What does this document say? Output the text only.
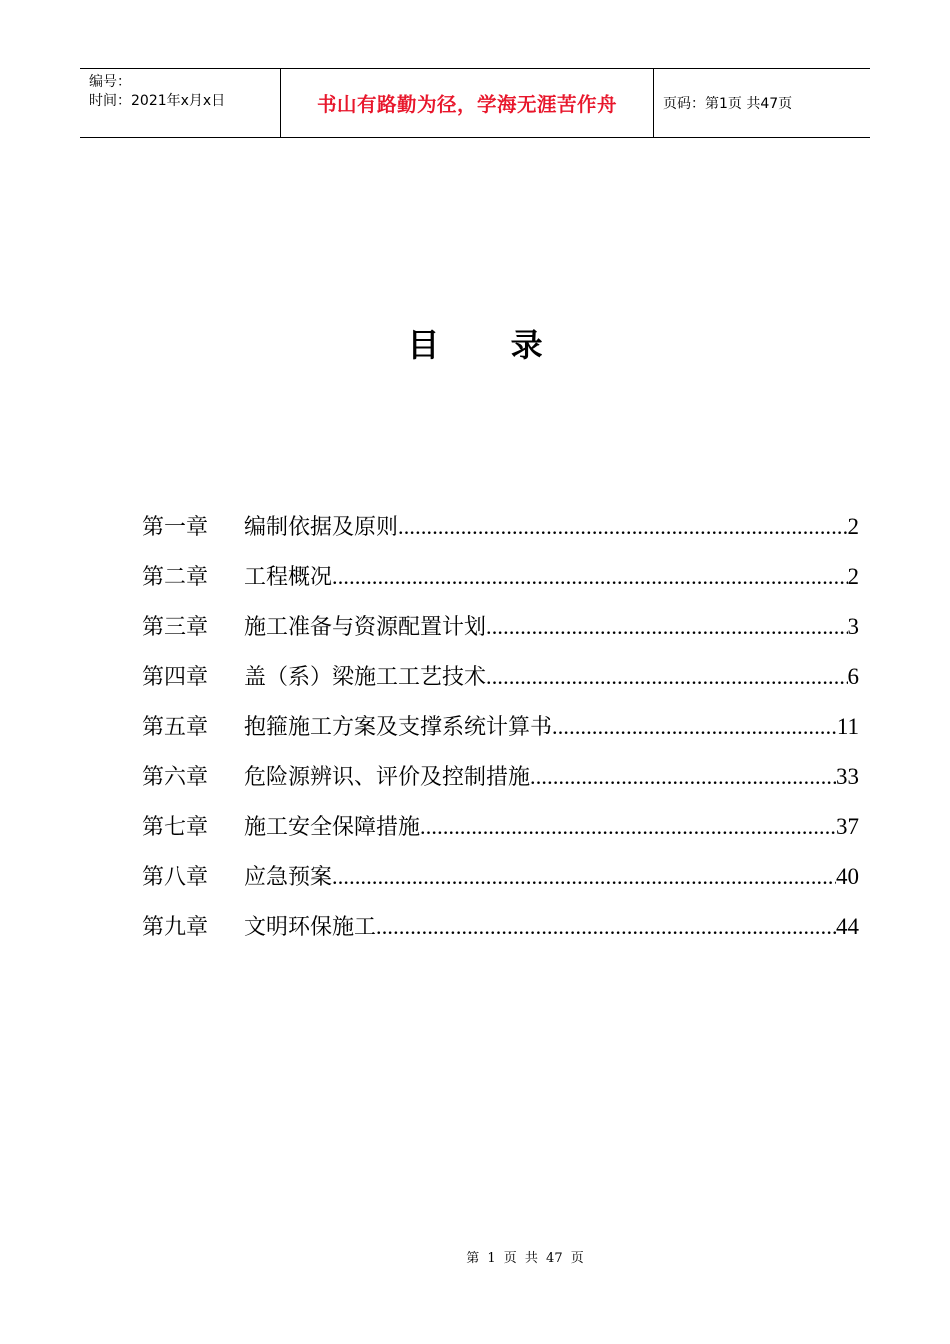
编号：
时间：2021年x月x日	书山有路勤为径，学海无涯苦作舟	页码：第1页 共47页
目 录
第一章	编制依据及原则 .....	2
第二章	工程概况 .....	2
第三章	施工准备与资源配置计划 .....	3
第四章	盖（系）梁施工工艺技术 .....	6
第五章	抱箍施工方案及支撑系统计算书 .....	11
第六章	危险源辨识、评价及控制措施 .....	33
第七章	施工安全保障措施 .....	37
第八章	应急预案 .....	40
第九章	文明环保施工 .....	44
第 1 页 共 47 页
